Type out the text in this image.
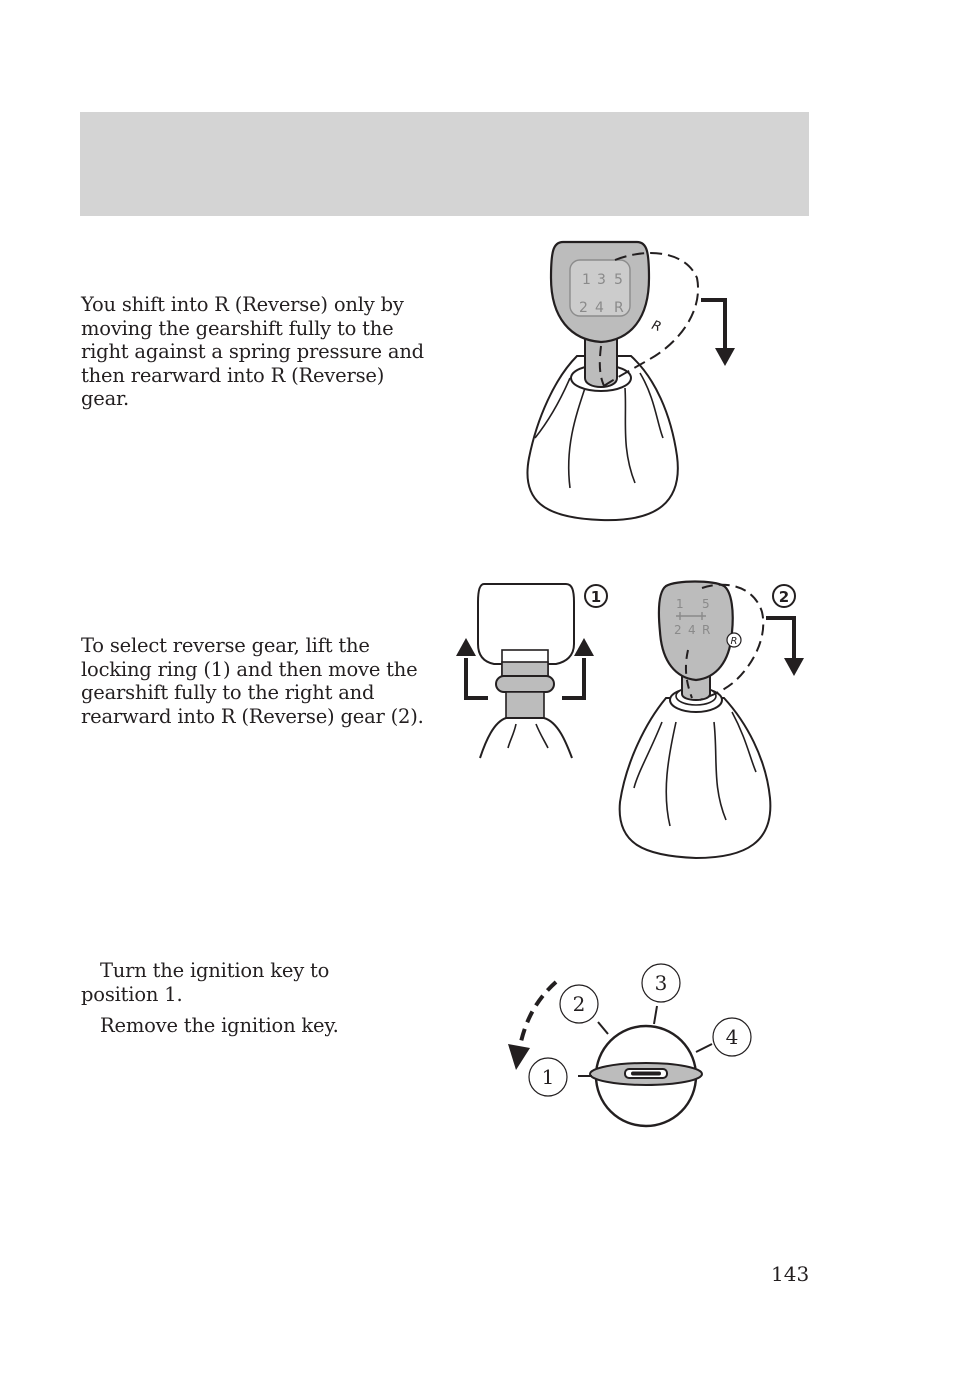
You shift into R (Reverse) only by moving the gearshift fully to the right against a spring pressure and then rearward into R (Reverse) gear.

1 3 5
2 4 R
R

To select reverse gear, lift the locking ring (1) and then move the gearshift fully to the right and rearward into R (Reverse) gear (2).

1	1 5
2 4 R
R
2

Turn the ignition key to position 1.

Remove the ignition key.

1
2
3
4
143
